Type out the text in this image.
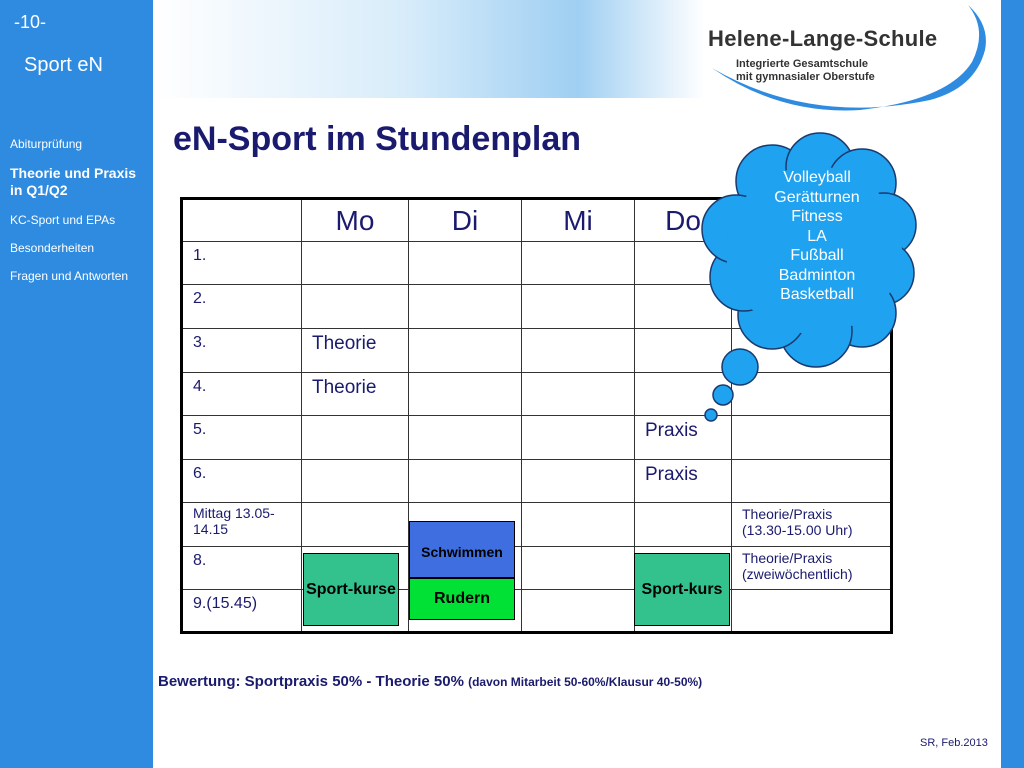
-10-
Sport eN
Abiturprüfung
Theorie und Praxis in Q1/Q2
KC-Sport und EPAs
Besonderheiten
Fragen und Antworten
Helene-Lange-Schule
Integrierte Gesamtschule
mit gymnasialer Oberstufe
eN-Sport im Stundenplan
	Mo	Di	Mi	Do	
1.					
2.					
3.	Theorie				
4.	Theorie				
5.				Praxis	
6.				Praxis	
Mittag 13.05-14.15					Theorie/Praxis (13.30-15.00 Uhr)
8.					Theorie/Praxis (zweiwöchentlich)
9.(15.45)					
Sport-kurse
Schwimmen
Rudern
Sport-kurs
Volleyball
Gerätturnen
Fitness
LA
Fußball
Badminton
Basketball
Bewertung: Sportpraxis 50% - Theorie 50% (davon Mitarbeit 50-60%/Klausur 40-50%)
SR, Feb.2013
